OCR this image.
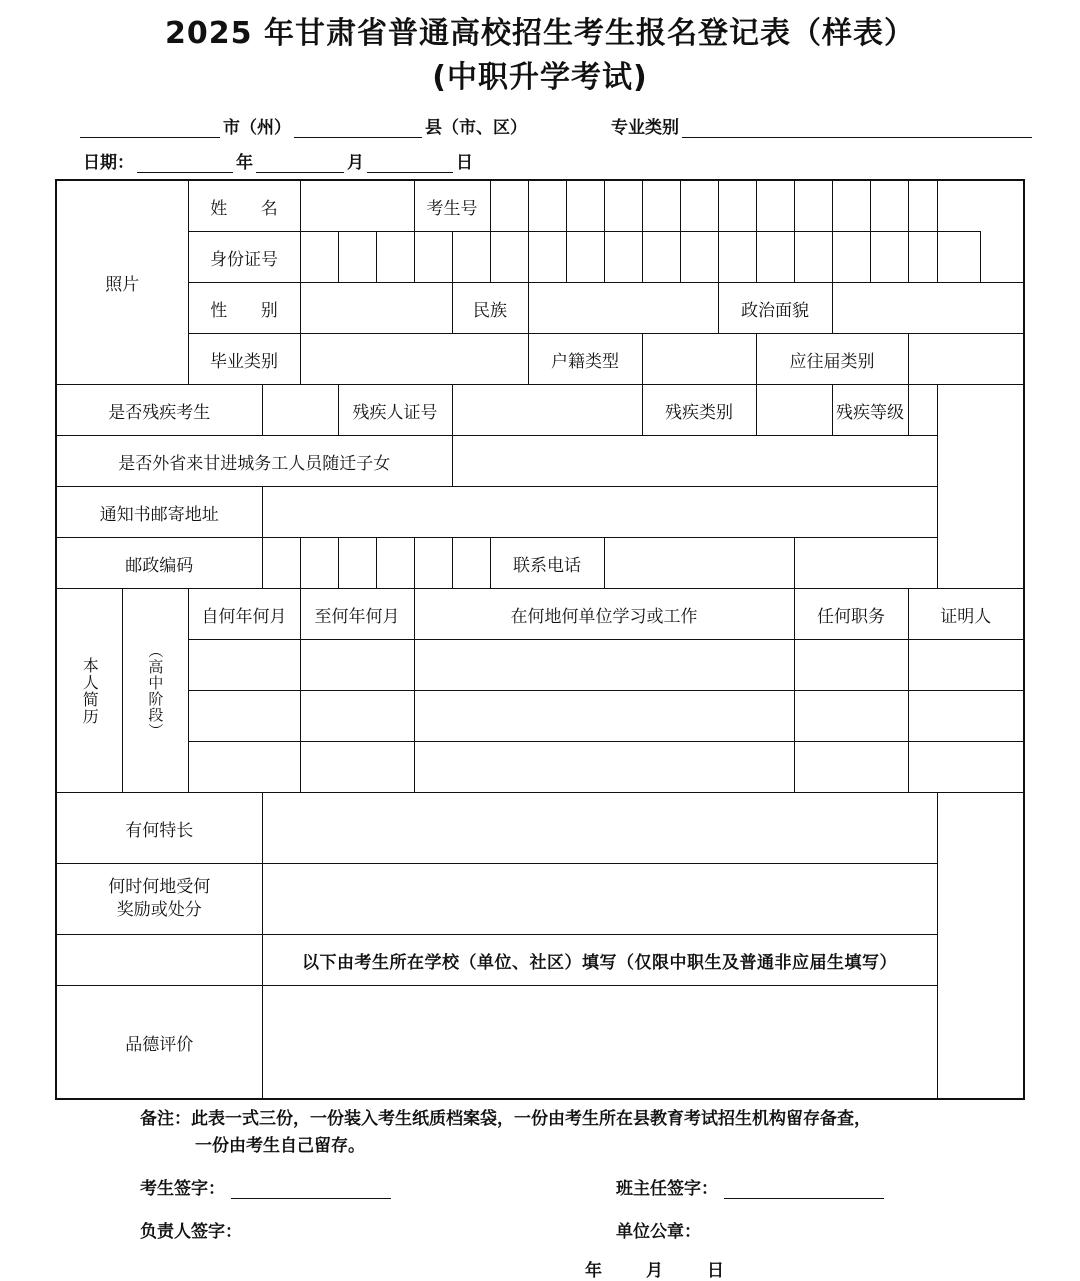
2025 年甘肃省普通高校招生考生报名登记表（样表）
(中职升学考试)
市（州）	县（市、区）	专业类别
日期：	年	月	日
照片		姓 名					考生号														
		身份证号																			
		性 别						民族							政治面貌						
		毕业类别								户籍类型						应往届类别					
是否残疾考生					残疾人证号								残疾类别					残疾等级			
是否外省来甘进城务工人员随迁子女																					
通知书邮寄地址																					
邮政编码									联系电话												

本人简历	（高中阶段）	自何年何月		至何年何月			在何地何单位学习或工作										任何职务			证明人	

有何特长																					

何时何地受何
奖励或处分																					

			以下由考生所在学校（单位、社区）填写（仅限中职生及普通非应届生填写）																		
品德评价																					
备注：此表一式三份，一份装入考生纸质档案袋，一份由考生所在县教育考试招生机构留存备查，
一份由考生自己留存。
考生签字：	班主任签字：
负责人签字：	单位公章：
年月日
